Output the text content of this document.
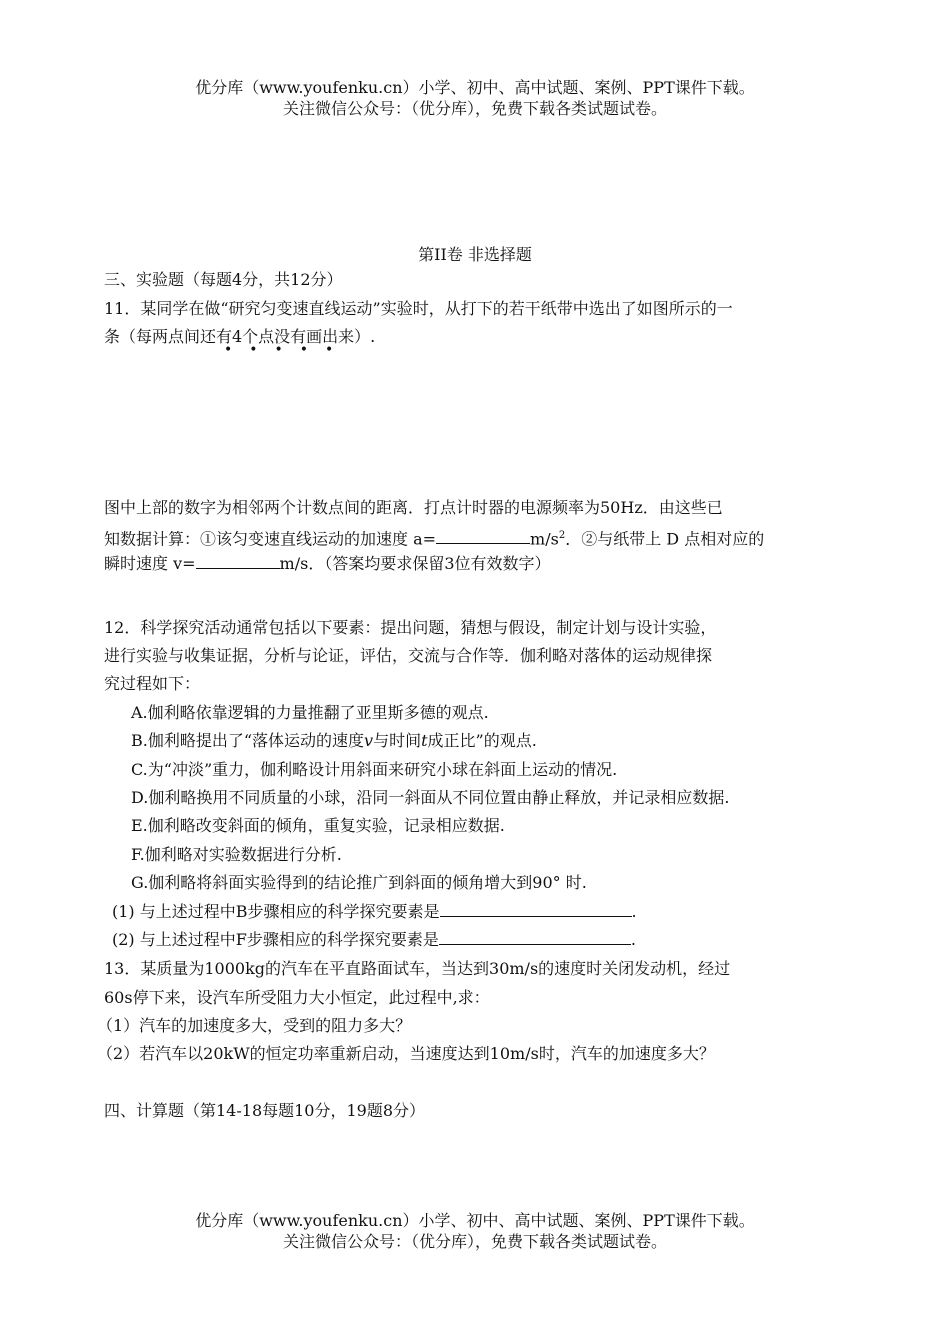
优分库（www.youfenku.cn）小学、初中、高中试题、案例、PPT课件下载。
关注微信公众号：（优分库），免费下载各类试题试卷。
第II卷 非选择题
三、实验题（每题4分，共12分）
11．某同学在做“研究匀变速直线运动”实验时，从打下的若干纸带中选出了如图所示的一
条（每两点间还有4个点没有画出来）.
•••••
图中上部的数字为相邻两个计数点间的距离．打点计时器的电源频率为50Hz．由这些已
知数据计算：①该匀变速直线运动的加速度 a=	$m/s^2$．②与纸带上 D 点相对应的
瞬时速度 v=	m/s．（答案均要求保留3位有效数字）
12．科学探究活动通常包括以下要素：提出问题，猜想与假设，制定计划与设计实验，
进行实验与收集证据，分析与论证，评估，交流与合作等．伽利略对落体的运动规律探
究过程如下：
A.伽利略依靠逻辑的力量推翻了亚里斯多德的观点.
B.伽利略提出了“落体运动的速度v与时间t成正比”的观点.
C.为“冲淡”重力，伽利略设计用斜面来研究小球在斜面上运动的情况.
D.伽利略换用不同质量的小球，沿同一斜面从不同位置由静止释放，并记录相应数据.
E.伽利略改变斜面的倾角，重复实验，记录相应数据.
F.伽利略对实验数据进行分析.
G.伽利略将斜面实验得到的结论推广到斜面的倾角增大到90° 时.
(1) 与上述过程中B步骤相应的科学探究要素是	.
(2) 与上述过程中F步骤相应的科学探究要素是	.
13．某质量为1000kg的汽车在平直路面试车，当达到30m/s的速度时关闭发动机，经过
60s停下来，设汽车所受阻力大小恒定，此过程中,求：
（1）汽车的加速度多大，受到的阻力多大？
（2）若汽车以20kW的恒定功率重新启动，当速度达到10m/s时，汽车的加速度多大？
四、计算题（第14-18每题10分，19题8分）
优分库（www.youfenku.cn）小学、初中、高中试题、案例、PPT课件下载。
关注微信公众号：（优分库），免费下载各类试题试卷。
